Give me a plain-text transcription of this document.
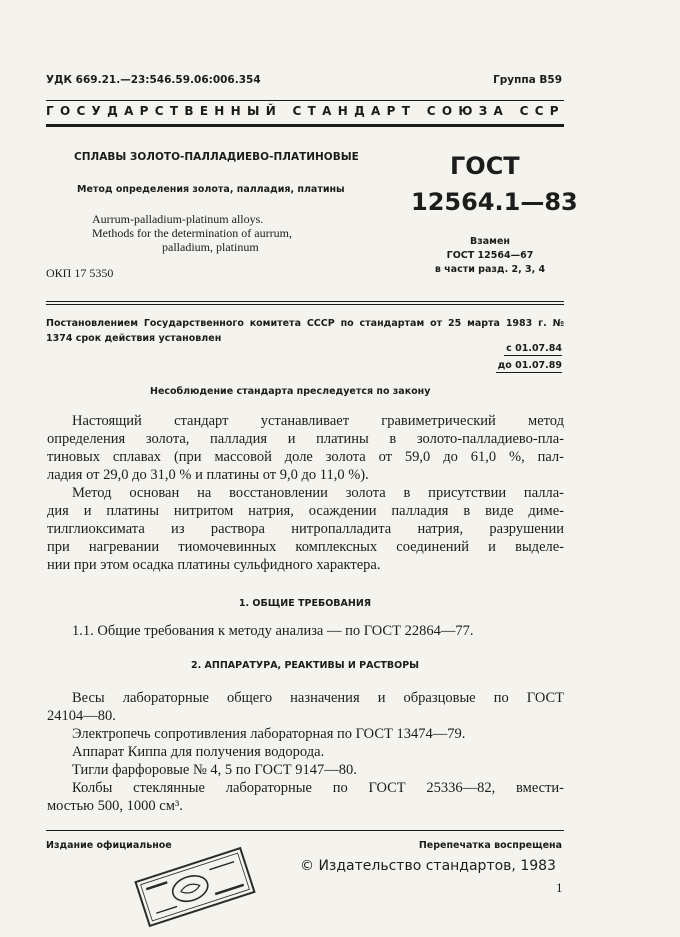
УДК 669.21.—23:546.59.06:006.354	Группа B59
ГОСУДАРСТВЕННЫЙ СТАНДАРТ СОЮЗА ССР
СПЛАВЫ ЗОЛОТО-ПАЛЛАДИЕВО-ПЛАТИНОВЫЕ
Метод определения золота, палладия, платины
Aurrum-palladium-platinum alloys.
Methods for the determination of aurrum,
palladium, platinum
ГОСТ
12564.1—83
Взамен
ГОСТ 12564—67
в части разд. 2, 3, 4
ОКП 17 5350
Постановлением Государственного комитета СССР по стандартам от 25 марта 1983 г. № 1374 срок действия установлен
с 01.07.84
до 01.07.89
Несоблюдение стандарта преследуется по закону
Настоящий стандарт устанавливает гравиметрический метод
определения золота, палладия и платины в золото-палладиево-пла-
тиновых сплавах (при массовой доле золота от 59,0 до 61,0 %, пал-
ладия от 29,0 до 31,0 % и платины от 9,0 до 11,0 %).
Метод основан на восстановлении золота в присутствии палла-
дия и платины нитритом натрия, осаждении палладия в виде диме-
тилглиоксимата из раствора нитропалладита натрия, разрушении
при нагревании тиомочевинных комплексных соединений и выделе-
нии при этом осадка платины сульфидного характера.
1. ОБЩИЕ ТРЕБОВАНИЯ
1.1. Общие требования к методу анализа — по ГОСТ 22864—77.
2. АППАРАТУРА, РЕАКТИВЫ И РАСТВОРЫ
Весы лабораторные общего назначения и образцовые по ГОСТ
24104—80.
Электропечь сопротивления лабораторная по ГОСТ 13474—79.
Аппарат Киппа для получения водорода.
Тигли фарфоровые № 4, 5 по ГОСТ 9147—80.
Колбы стеклянные лабораторные по ГОСТ 25336—82, вмести-
мостью 500, 1000 см³.
Издание официальное	Перепечатка воспрещена
© Издательство стандартов, 1983
1
